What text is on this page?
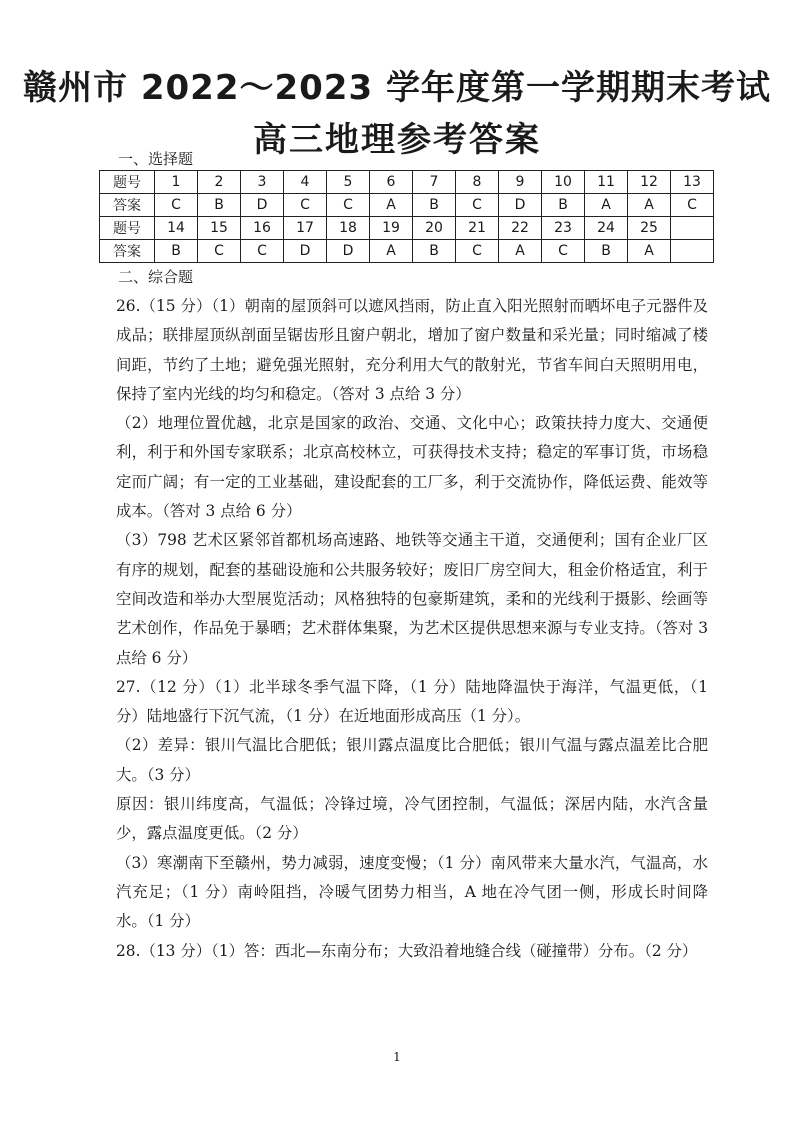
赣州市 2022～2023 学年度第一学期期末考试
高三地理参考答案
一、选择题
题号	1	2	3	4	5	6	7	8	9	10	11	12	13
答案	C	B	D	C	C	A	B	C	D	B	A	A	C
题号	14	15	16	17	18	19	20	21	22	23	24	25	
答案	B	C	C	D	D	A	B	C	A	C	B	A	
二、综合题

26.（15 分）（1）朝南的屋顶斜可以遮风挡雨，防止直入阳光照射而晒坏电子元器件及成品；联排屋顶纵剖面呈锯齿形且窗户朝北，增加了窗户数量和采光量；同时缩减了楼间距，节约了土地；避免强光照射，充分利用大气的散射光，节省车间白天照明用电，保持了室内光线的均匀和稳定。（答对 3 点给 3 分）

（2）地理位置优越，北京是国家的政治、交通、文化中心；政策扶持力度大、交通便利，利于和外国专家联系；北京高校林立，可获得技术支持；稳定的军事订货，市场稳定而广阔；有一定的工业基础，建设配套的工厂多，利于交流协作，降低运费、能效等成本。（答对 3 点给 6 分）

（3）798 艺术区紧邻首都机场高速路、地铁等交通主干道，交通便利；国有企业厂区有序的规划，配套的基础设施和公共服务较好；废旧厂房空间大，租金价格适宜，利于空间改造和举办大型展览活动；风格独特的包豪斯建筑，柔和的光线利于摄影、绘画等艺术创作，作品免于暴晒；艺术群体集聚，为艺术区提供思想来源与专业支持。（答对 3 点给 6 分）

27.（12 分）（1）北半球冬季气温下降，（1 分）陆地降温快于海洋，气温更低，（1 分）陆地盛行下沉气流，（1 分）在近地面形成高压（1 分）。

（2）差异：银川气温比合肥低；银川露点温度比合肥低；银川气温与露点温差比合肥大。（3 分）

原因：银川纬度高，气温低；冷锋过境，冷气团控制，气温低；深居内陆，水汽含量少，露点温度更低。（2 分）

（3）寒潮南下至赣州，势力减弱，速度变慢；（1 分）南风带来大量水汽，气温高，水汽充足；（1 分）南岭阻挡，冷暖气团势力相当，A 地在冷气团一侧，形成长时间降水。（1 分）

28.（13 分）（1）答：西北—东南分布；大致沿着地缝合线（碰撞带）分布。（2 分）

1
